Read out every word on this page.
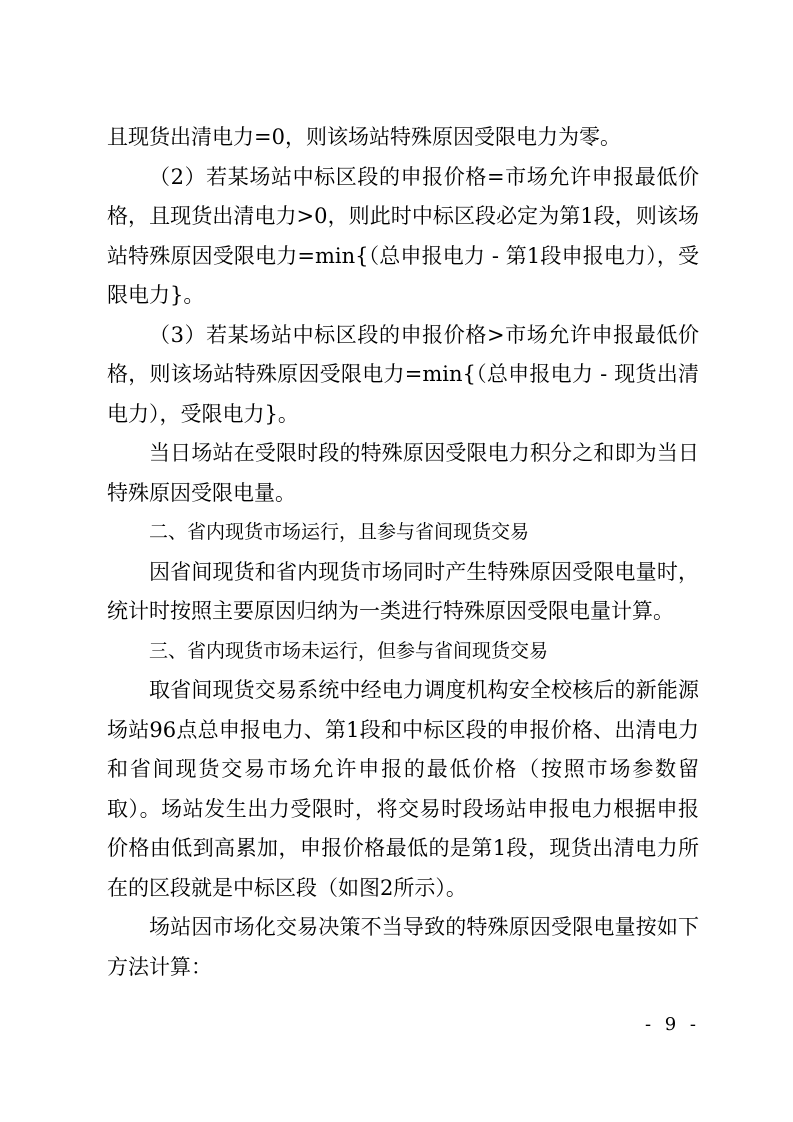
且现货出清电力=0，则该场站特殊原因受限电力为零。

（2）若某场站中标区段的申报价格=市场允许申报最低价格，且现货出清电力>0，则此时中标区段必定为第1段，则该场站特殊原因受限电力=min{（总申报电力 - 第1段申报电力），受限电力}。

（3）若某场站中标区段的申报价格>市场允许申报最低价格，则该场站特殊原因受限电力=min{（总申报电力 - 现货出清电力），受限电力}。

当日场站在受限时段的特殊原因受限电力积分之和即为当日特殊原因受限电量。

二、省内现货市场运行，且参与省间现货交易

因省间现货和省内现货市场同时产生特殊原因受限电量时，统计时按照主要原因归纳为一类进行特殊原因受限电量计算。

三、省内现货市场未运行，但参与省间现货交易

取省间现货交易系统中经电力调度机构安全校核后的新能源场站96点总申报电力、第1段和中标区段的申报价格、出清电力和省间现货交易市场允许申报的最低价格（按照市场参数留取）。场站发生出力受限时，将交易时段场站申报电力根据申报价格由低到高累加，申报价格最低的是第1段，现货出清电力所在的区段就是中标区段（如图2所示）。

场站因市场化交易决策不当导致的特殊原因受限电量按如下方法计算：

- 9 -
